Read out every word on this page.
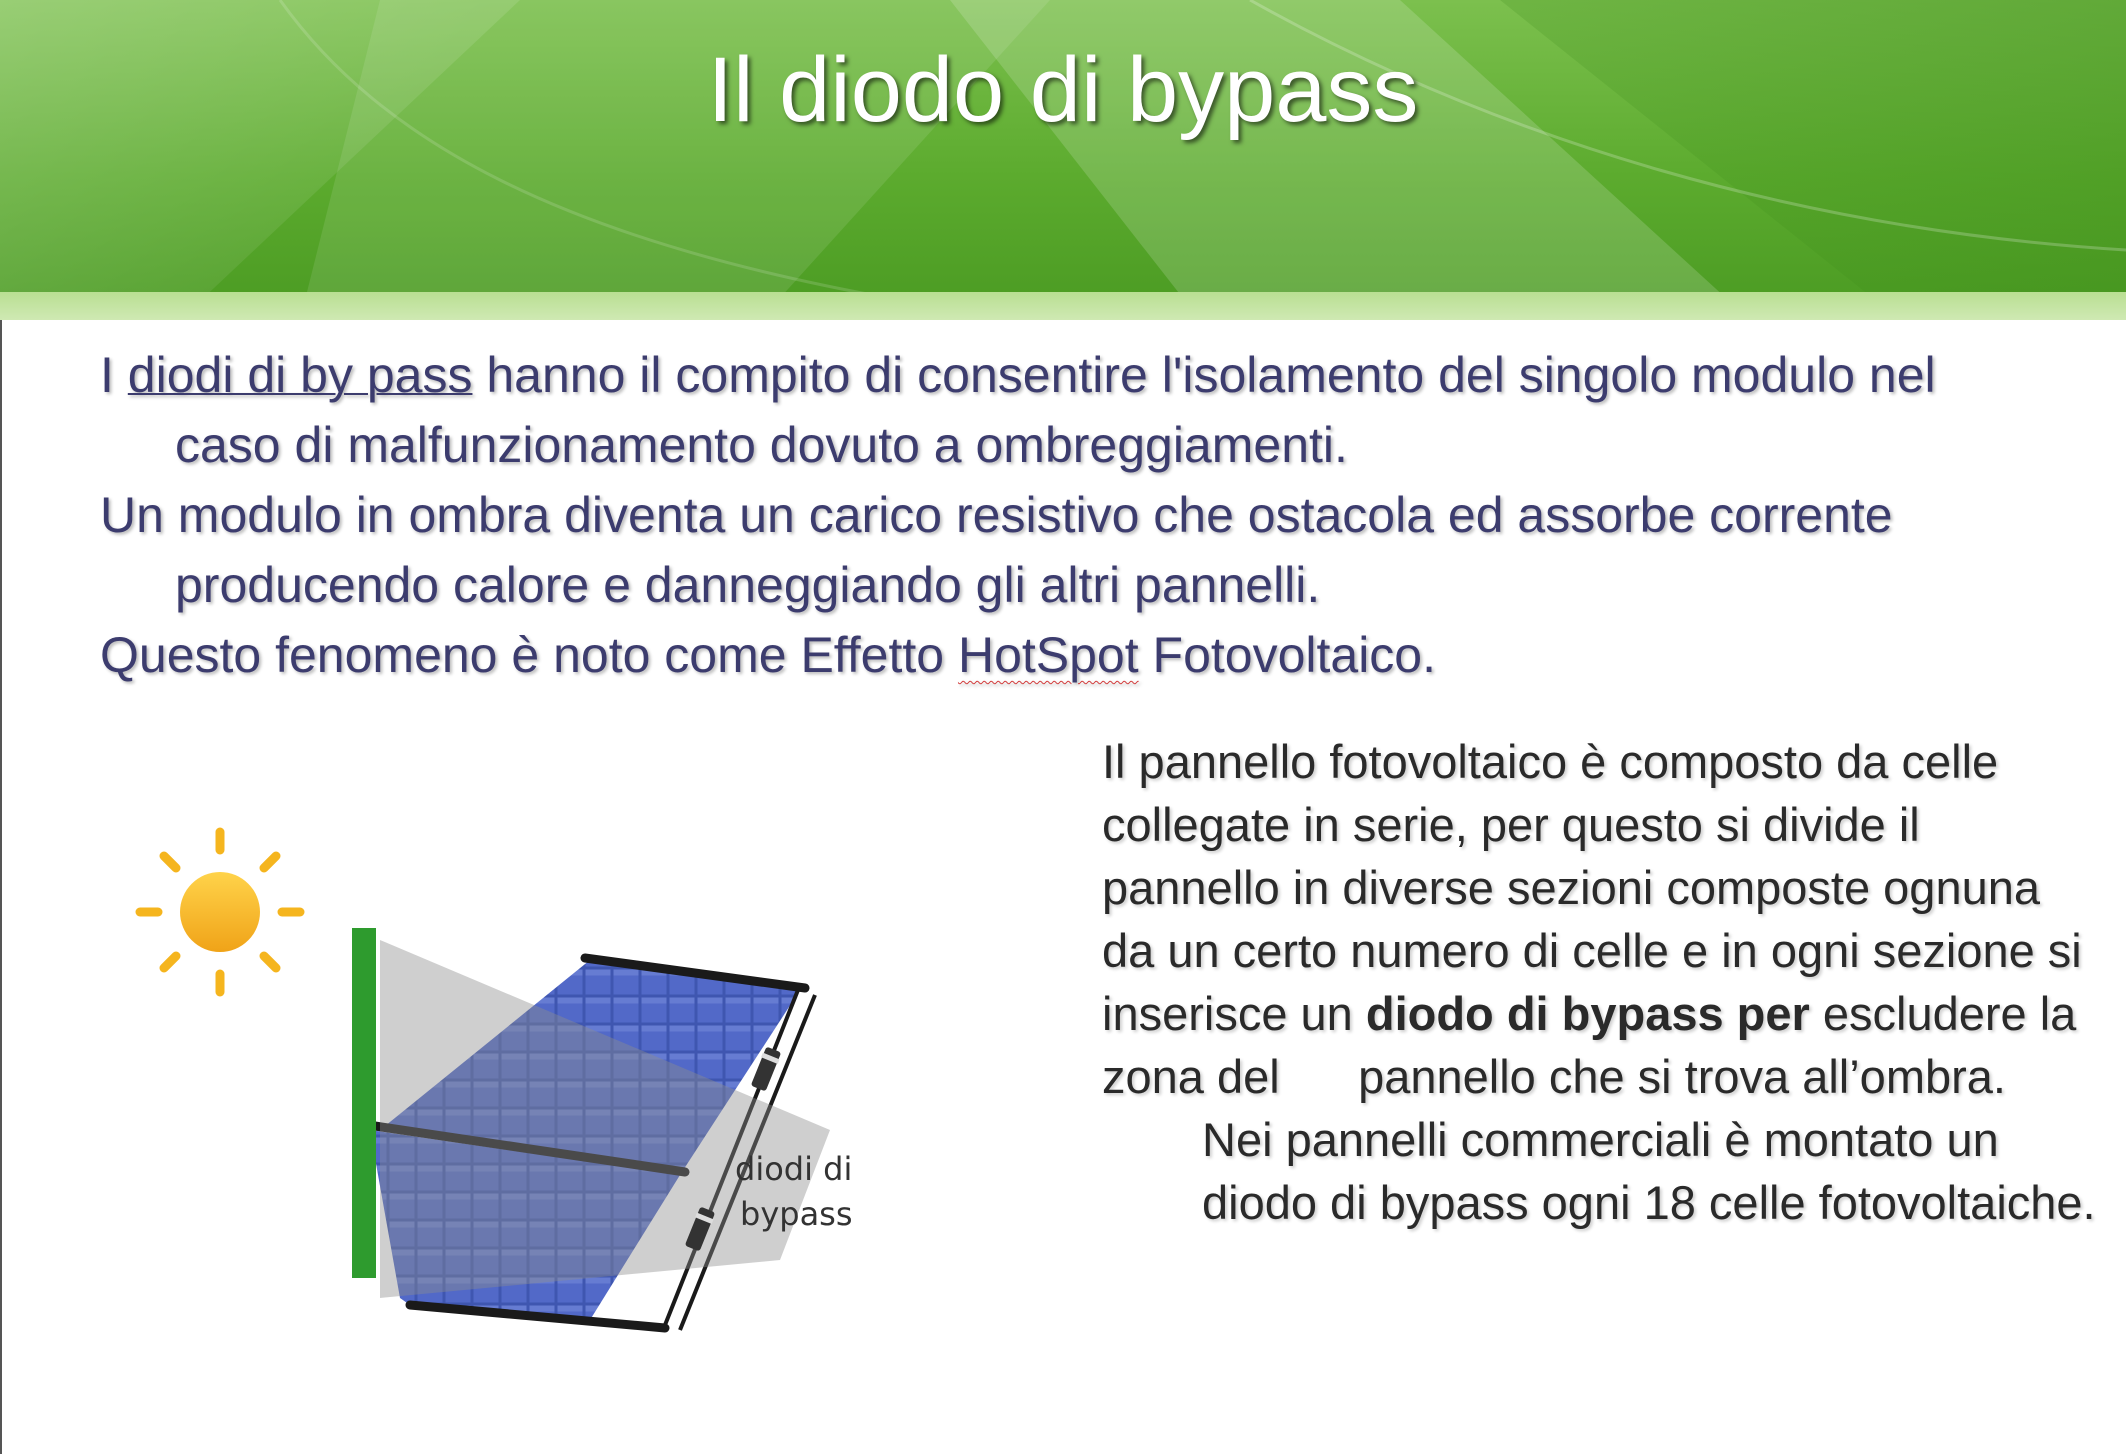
Il diodo di bypass
I diodi di by pass hanno il compito di consentire l'isolamento del singolo modulo nel caso di malfunzionamento dovuto a ombreggiamenti.
Un modulo in ombra diventa un carico resistivo che ostacola ed assorbe corrente producendo calore e danneggiando gli altri pannelli.
Questo fenomeno è noto come Effetto HotSpot Fotovoltaico.
diodi di
bypass

Il pannello fotovoltaico è composto da celle collegate in serie, per questo si divide il pannello in diverse sezioni composte ognuna da un certo numero di celle e in ogni sezione si inserisce un diodo di bypass per escludere la zona del      pannello che si trova all’ombra.

Nei pannelli commerciali è montato un diodo di bypass ogni 18 celle fotovoltaiche.
